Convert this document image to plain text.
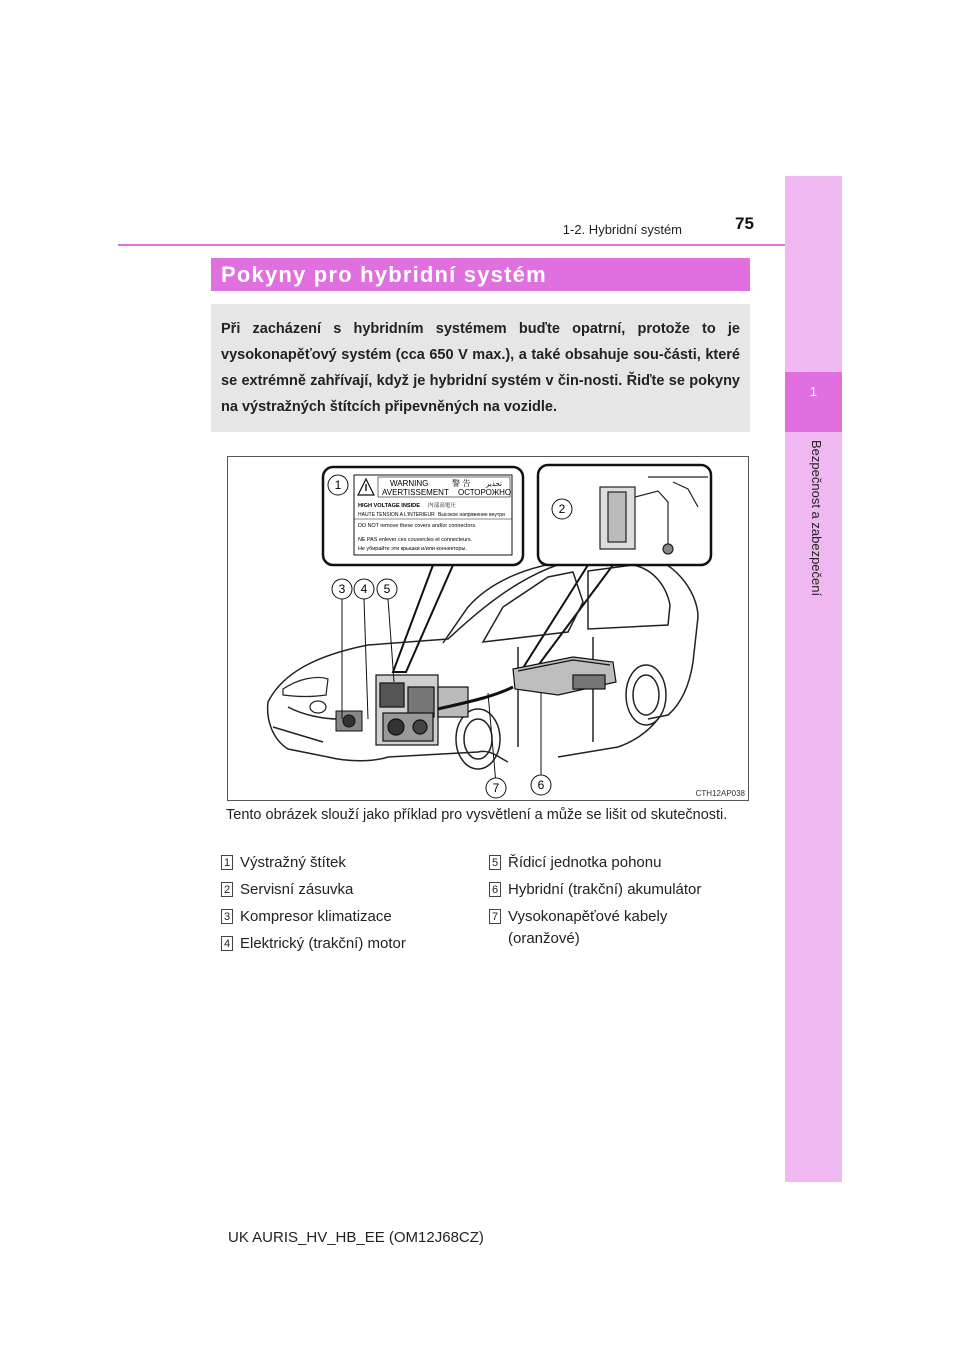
1
Bezpečnost a zabezpečení
1-2. Hybridní systém	75
Pokyny pro hybridní systém
Při zacházení s hybridním systémem buďte opatrní, protože to je vysokonapěťový systém (cca 650 V max.), a také obsahuje sou-části, které se extrémně zahřívají, když je hybridní systém v čin-nosti. Řiďte se pokyny na výstražných štítcích připevněných na vozidle.
WARNING	警 告 تحذير
AVERTISSEMENT ОСТОРОЖНО
HIGH VOLTAGE INSIDE 内部高電圧
HAUTE TENSION A L'INTERIEUR Высокое напряжение внутри
DO NOT remove these covers and/or connectors.
NE PAS enlever ces couvercles et connecteurs.
Не убирайте эти крышки и/или коннекторы.
1
2
3 4 5
6
7	CTH12AP038
Tento obrázek slouží jako příklad pro vysvětlení a může se lišit od skutečnosti.
1 Výstražný štítek
2 Servisní zásuvka
3 Kompresor klimatizace
4 Elektrický (trakční) motor
5 Řídicí jednotka pohonu
6 Hybridní (trakční) akumulátor
7 Vysokonapěťové kabely
(oranžové)
UK AURIS_HV_HB_EE (OM12J68CZ)
